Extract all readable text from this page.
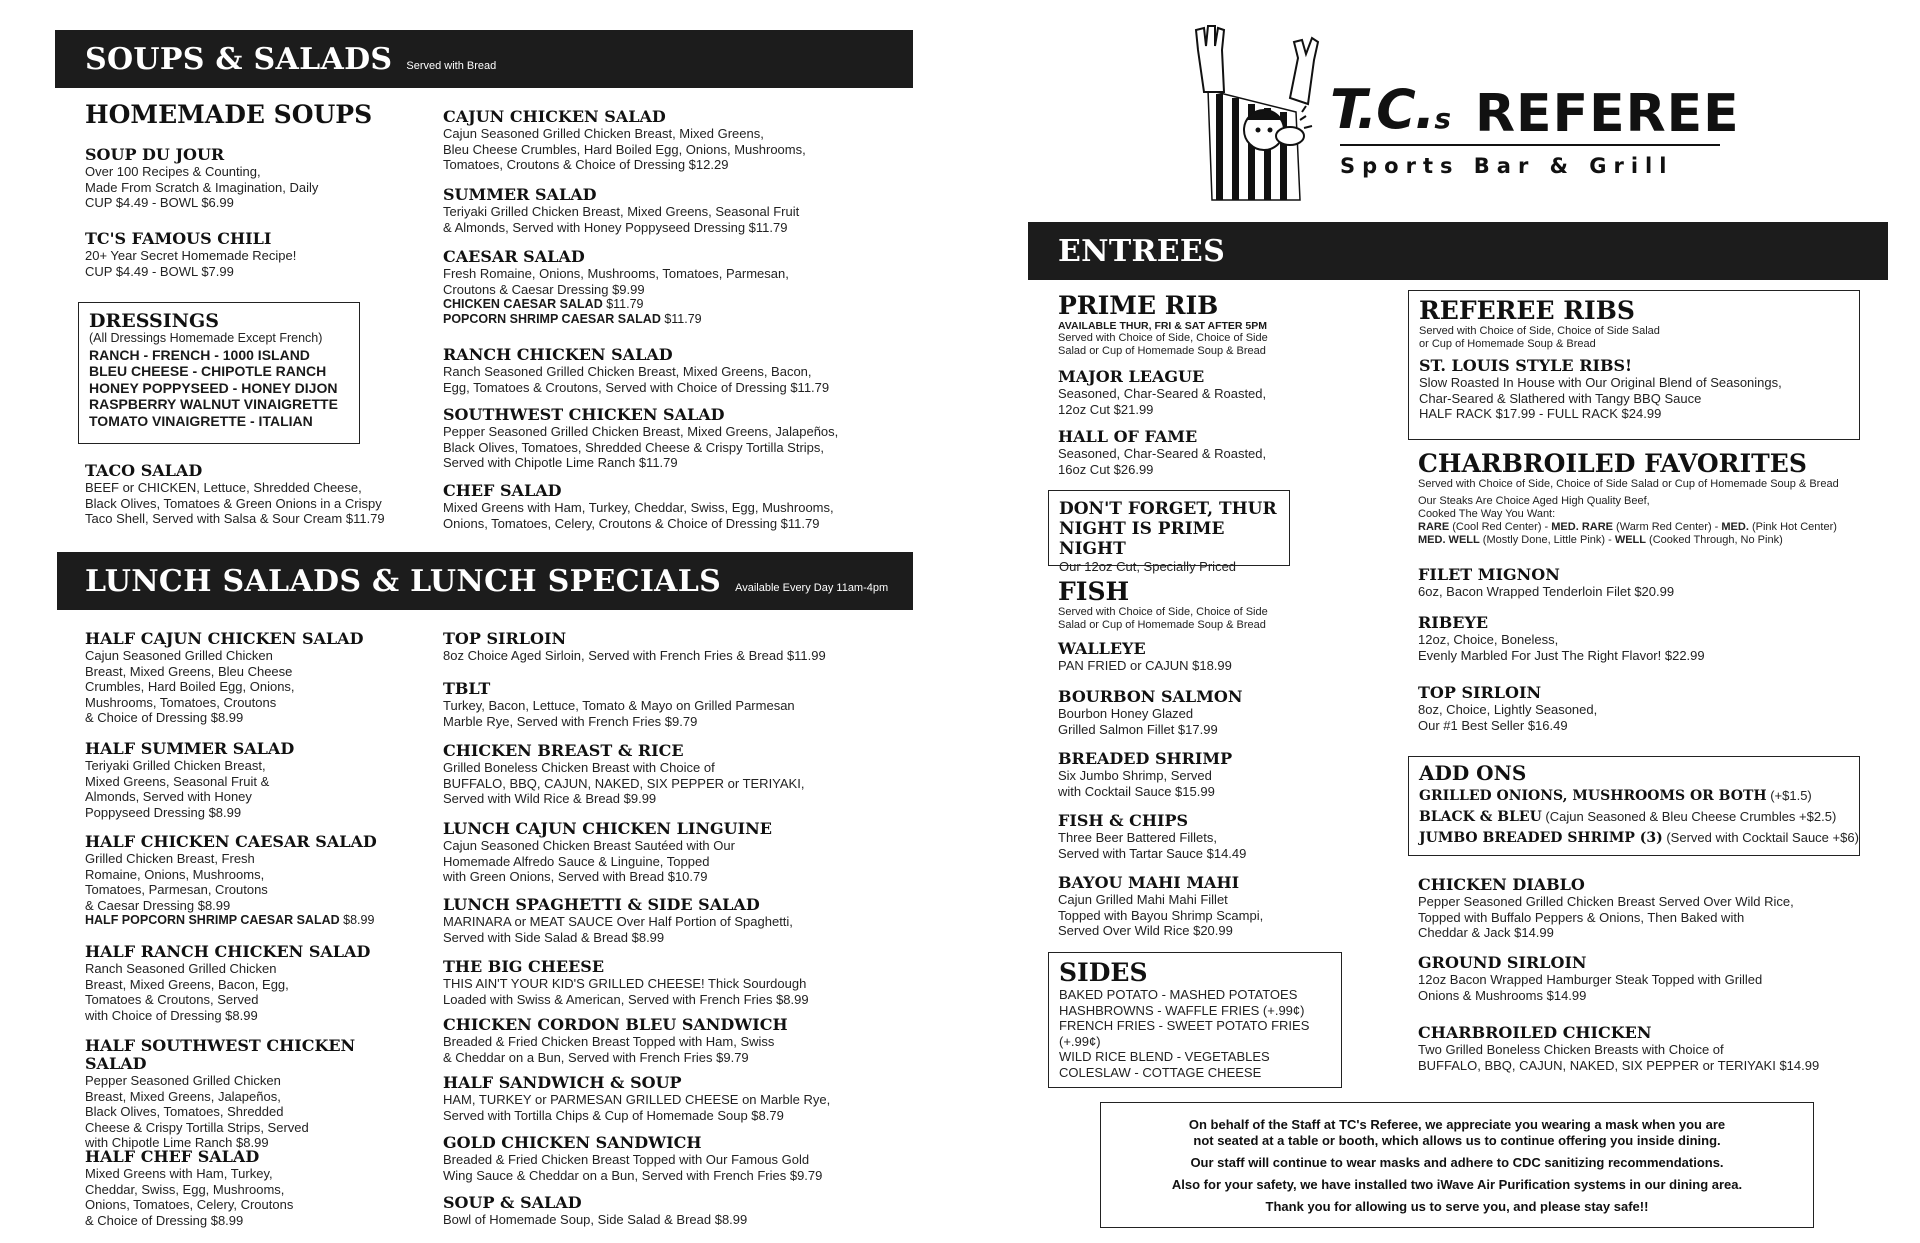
SOUPS & SALADS Served with Bread
HOMEMADE SOUPS
SOUP DU JOUR
Over 100 Recipes & Counting,
Made From Scratch & Imagination, Daily
CUP $4.49 - BOWL $6.99
TC'S FAMOUS CHILI
20+ Year Secret Homemade Recipe!
CUP $4.49 - BOWL $7.99
DRESSINGS
(All Dressings Homemade Except French)
RANCH - FRENCH - 1000 ISLAND
BLEU CHEESE - CHIPOTLE RANCH
HONEY POPPYSEED - HONEY DIJON
RASPBERRY WALNUT VINAIGRETTE
TOMATO VINAIGRETTE - ITALIAN
TACO SALAD
BEEF or CHICKEN, Lettuce, Shredded Cheese,
Black Olives, Tomatoes & Green Onions in a Crispy
Taco Shell, Served with Salsa & Sour Cream $11.79
CAJUN CHICKEN SALAD
Cajun Seasoned Grilled Chicken Breast, Mixed Greens,
Bleu Cheese Crumbles, Hard Boiled Egg, Onions, Mushrooms,
Tomatoes, Croutons & Choice of Dressing $12.29
SUMMER SALAD
Teriyaki Grilled Chicken Breast, Mixed Greens, Seasonal Fruit
& Almonds, Served with Honey Poppyseed Dressing $11.79
CAESAR SALAD
Fresh Romaine, Onions, Mushrooms, Tomatoes, Parmesan,
Croutons & Caesar Dressing $9.99
CHICKEN CAESAR SALAD $11.79
POPCORN SHRIMP CAESAR SALAD $11.79
RANCH CHICKEN SALAD
Ranch Seasoned Grilled Chicken Breast, Mixed Greens, Bacon,
Egg, Tomatoes & Croutons, Served with Choice of Dressing $11.79
SOUTHWEST CHICKEN SALAD
Pepper Seasoned Grilled Chicken Breast, Mixed Greens, Jalapeños,
Black Olives, Tomatoes, Shredded Cheese & Crispy Tortilla Strips,
Served with Chipotle Lime Ranch $11.79
CHEF SALAD
Mixed Greens with Ham, Turkey, Cheddar, Swiss, Egg, Mushrooms,
Onions, Tomatoes, Celery, Croutons & Choice of Dressing $11.79
LUNCH SALADS & LUNCH SPECIALS Available Every Day 11am-4pm
HALF CAJUN CHICKEN SALAD
Cajun Seasoned Grilled Chicken
Breast, Mixed Greens, Bleu Cheese
Crumbles, Hard Boiled Egg, Onions,
Mushrooms, Tomatoes, Croutons
& Choice of Dressing $8.99
HALF SUMMER SALAD
Teriyaki Grilled Chicken Breast,
Mixed Greens, Seasonal Fruit &
Almonds, Served with Honey
Poppyseed Dressing $8.99
HALF CHICKEN CAESAR SALAD
Grilled Chicken Breast, Fresh
Romaine, Onions, Mushrooms,
Tomatoes, Parmesan, Croutons
& Caesar Dressing $8.99
HALF POPCORN SHRIMP CAESAR SALAD $8.99
HALF RANCH CHICKEN SALAD
Ranch Seasoned Grilled Chicken
Breast, Mixed Greens, Bacon, Egg,
Tomatoes & Croutons, Served
with Choice of Dressing $8.99
HALF SOUTHWEST CHICKEN SALAD
Pepper Seasoned Grilled Chicken
Breast, Mixed Greens, Jalapeños,
Black Olives, Tomatoes, Shredded
Cheese & Crispy Tortilla Strips, Served
with Chipotle Lime Ranch $8.99
HALF CHEF SALAD
Mixed Greens with Ham, Turkey,
Cheddar, Swiss, Egg, Mushrooms,
Onions, Tomatoes, Celery, Croutons
& Choice of Dressing $8.99
TOP SIRLOIN
8oz Choice Aged Sirloin, Served with French Fries & Bread $11.99
TBLT
Turkey, Bacon, Lettuce, Tomato & Mayo on Grilled Parmesan
Marble Rye, Served with French Fries $9.79
CHICKEN BREAST & RICE
Grilled Boneless Chicken Breast with Choice of
BUFFALO, BBQ, CAJUN, NAKED, SIX PEPPER or TERIYAKI,
Served with Wild Rice & Bread $9.99
LUNCH CAJUN CHICKEN LINGUINE
Cajun Seasoned Chicken Breast Sautéed with Our
Homemade Alfredo Sauce & Linguine, Topped
with Green Onions, Served with Bread $10.79
LUNCH SPAGHETTI & SIDE SALAD
MARINARA or MEAT SAUCE Over Half Portion of Spaghetti,
Served with Side Salad & Bread $8.99
THE BIG CHEESE
THIS AIN'T YOUR KID'S GRILLED CHEESE! Thick Sourdough
Loaded with Swiss & American, Served with French Fries $8.99
CHICKEN CORDON BLEU SANDWICH
Breaded & Fried Chicken Breast Topped with Ham, Swiss
& Cheddar on a Bun, Served with French Fries $9.79
HALF SANDWICH & SOUP
HAM, TURKEY or PARMESAN GRILLED CHEESE on Marble Rye,
Served with Tortilla Chips & Cup of Homemade Soup $8.79
GOLD CHICKEN SANDWICH
Breaded & Fried Chicken Breast Topped with Our Famous Gold
Wing Sauce & Cheddar on a Bun, Served with French Fries $9.79
SOUP & SALAD
Bowl of Homemade Soup, Side Salad & Bread $8.99
T.C.s REFEREE
Sports Bar & Grill
ENTREES
PRIME RIB
AVAILABLE THUR, FRI & SAT AFTER 5PM
Served with Choice of Side, Choice of Side
Salad or Cup of Homemade Soup & Bread
MAJOR LEAGUE
Seasoned, Char-Seared & Roasted,
12oz Cut $21.99
HALL OF FAME
Seasoned, Char-Seared & Roasted,
16oz Cut $26.99
DON'T FORGET, THUR
NIGHT IS PRIME NIGHT
Our 12oz Cut, Specially Priced
FISH
Served with Choice of Side, Choice of Side
Salad or Cup of Homemade Soup & Bread
WALLEYE
PAN FRIED or CAJUN $18.99
BOURBON SALMON
Bourbon Honey Glazed
Grilled Salmon Fillet $17.99
BREADED SHRIMP
Six Jumbo Shrimp, Served
with Cocktail Sauce $15.99
FISH & CHIPS
Three Beer Battered Fillets,
Served with Tartar Sauce $14.49
BAYOU MAHI MAHI
Cajun Grilled Mahi Mahi Fillet
Topped with Bayou Shrimp Scampi,
Served Over Wild Rice $20.99
SIDES
BAKED POTATO - MASHED POTATOES
HASHBROWNS - WAFFLE FRIES (+.99¢)
FRENCH FRIES - SWEET POTATO FRIES (+.99¢)
WILD RICE BLEND - VEGETABLES
COLESLAW - COTTAGE CHEESE
REFEREE RIBS
Served with Choice of Side, Choice of Side Salad
or Cup of Homemade Soup & Bread
ST. LOUIS STYLE RIBS!
Slow Roasted In House with Our Original Blend of Seasonings,
Char-Seared & Slathered with Tangy BBQ Sauce
HALF RACK $17.99 - FULL RACK $24.99
CHARBROILED FAVORITES
Served with Choice of Side, Choice of Side Salad or Cup of Homemade Soup & Bread
Our Steaks Are Choice Aged High Quality Beef,
Cooked The Way You Want:
RARE (Cool Red Center) - MED. RARE (Warm Red Center) - MED. (Pink Hot Center)
MED. WELL (Mostly Done, Little Pink) - WELL (Cooked Through, No Pink)
FILET MIGNON
6oz, Bacon Wrapped Tenderloin Filet $20.99
RIBEYE
12oz, Choice, Boneless,
Evenly Marbled For Just The Right Flavor! $22.99
TOP SIRLOIN
8oz, Choice, Lightly Seasoned,
Our #1 Best Seller $16.49
ADD ONS
GRILLED ONIONS, MUSHROOMS OR BOTH (+$1.5)
BLACK & BLEU (Cajun Seasoned & Bleu Cheese Crumbles +$2.5)
JUMBO BREADED SHRIMP (3) (Served with Cocktail Sauce +$6)
CHICKEN DIABLO
Pepper Seasoned Grilled Chicken Breast Served Over Wild Rice,
Topped with Buffalo Peppers & Onions, Then Baked with
Cheddar & Jack $14.99
GROUND SIRLOIN
12oz Bacon Wrapped Hamburger Steak Topped with Grilled
Onions & Mushrooms $14.99
CHARBROILED CHICKEN
Two Grilled Boneless Chicken Breasts with Choice of
BUFFALO, BBQ, CAJUN, NAKED, SIX PEPPER or TERIYAKI $14.99

On behalf of the Staff at TC's Referee, we appreciate you wearing a mask when you are

not seated at a table or booth, which allows us to continue offering you inside dining.

Our staff will continue to wear masks and adhere to CDC sanitizing recommendations.

Also for your safety, we have installed two iWave Air Purification systems in our dining area.

Thank you for allowing us to serve you, and please stay safe!!
